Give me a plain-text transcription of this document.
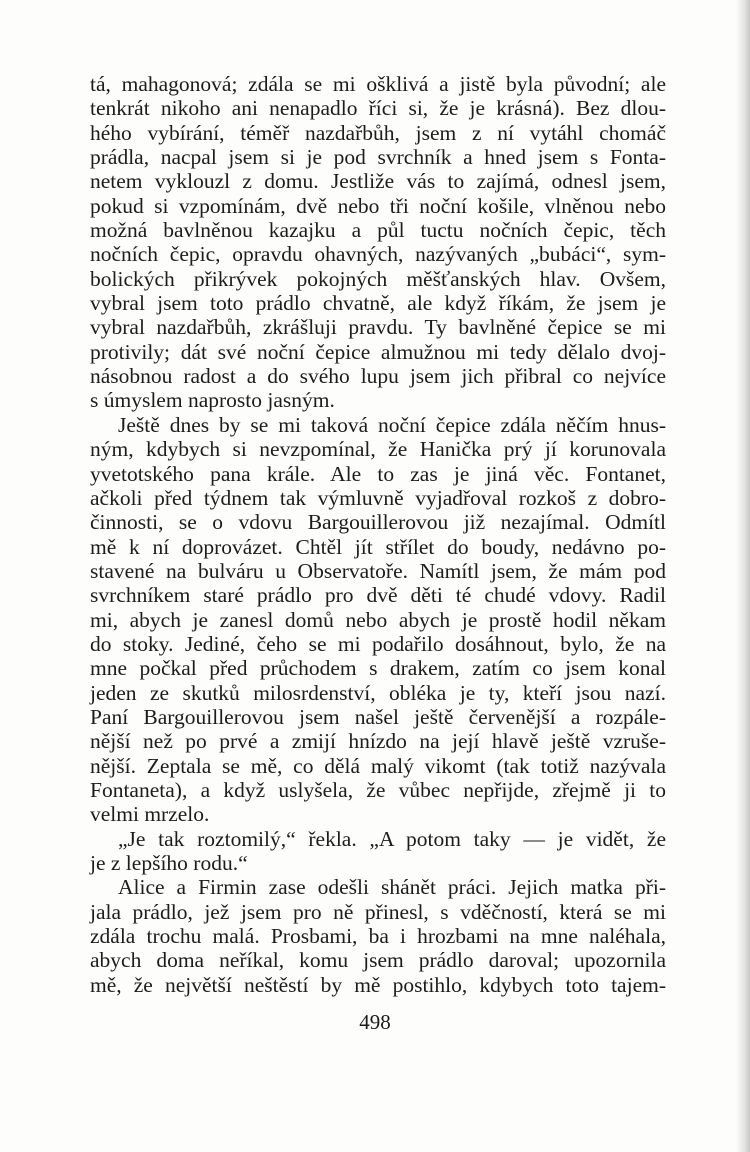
tá, mahagonová; zdála se mi ošklivá a jistě byla původní; ale
tenkrát nikoho ani nenapadlo říci si, že je krásná). Bez dlou-
hého vybírání, téměř nazdařbůh, jsem z ní vytáhl chomáč
prádla, nacpal jsem si je pod svrchník a hned jsem s Fonta-
netem vyklouzl z domu. Jestliže vás to zajímá, odnesl jsem,
pokud si vzpomínám, dvě nebo tři noční košile, vlněnou nebo
možná bavlněnou kazajku a půl tuctu nočních čepic, těch
nočních čepic, opravdu ohavných, nazývaných „bubáci“, sym-
bolických přikrývek pokojných měšťanských hlav. Ovšem,
vybral jsem toto prádlo chvatně, ale když říkám, že jsem je
vybral nazdařbůh, zkrášluji pravdu. Ty bavlněné čepice se mi
protivily; dát své noční čepice almužnou mi tedy dělalo dvoj-
násobnou radost a do svého lupu jsem jich přibral co nejvíce
s úmyslem naprosto jasným.
Ještě dnes by se mi taková noční čepice zdála něčím hnus-
ným, kdybych si nevzpomínal, že Hanička prý jí korunovala
yvetotského pana krále. Ale to zas je jiná věc. Fontanet,
ačkoli před týdnem tak výmluvně vyjadřoval rozkoš z dobro-
činnosti, se o vdovu Bargouillerovou již nezajímal. Odmítl
mě k ní doprovázet. Chtěl jít střílet do boudy, nedávno po-
stavené na bulváru u Observatoře. Namítl jsem, že mám pod
svrchníkem staré prádlo pro dvě děti té chudé vdovy. Radil
mi, abych je zanesl domů nebo abych je prostě hodil někam
do stoky. Jediné, čeho se mi podařilo dosáhnout, bylo, že na
mne počkal před průchodem s drakem, zatím co jsem konal
jeden ze skutků milosrdenství, obléka je ty, kteří jsou nazí.
Paní Bargouillerovou jsem našel ještě červenější a rozpále-
nější než po prvé a zmijí hnízdo na její hlavě ještě vzruše-
nější. Zeptala se mě, co dělá malý vikomt (tak totiž nazývala
Fontaneta), a když uslyšela, že vůbec nepřijde, zřejmě ji to
velmi mrzelo.
„Je tak roztomilý,“ řekla. „A potom taky — je vidět, že
je z lepšího rodu.“
Alice a Firmin zase odešli shánět práci. Jejich matka při-
jala prádlo, jež jsem pro ně přinesl, s vděčností, která se mi
zdála trochu malá. Prosbami, ba i hrozbami na mne naléhala,
abych doma neříkal, komu jsem prádlo daroval; upozornila
mě, že největší neštěstí by mě postihlo, kdybych toto tajem-
498
